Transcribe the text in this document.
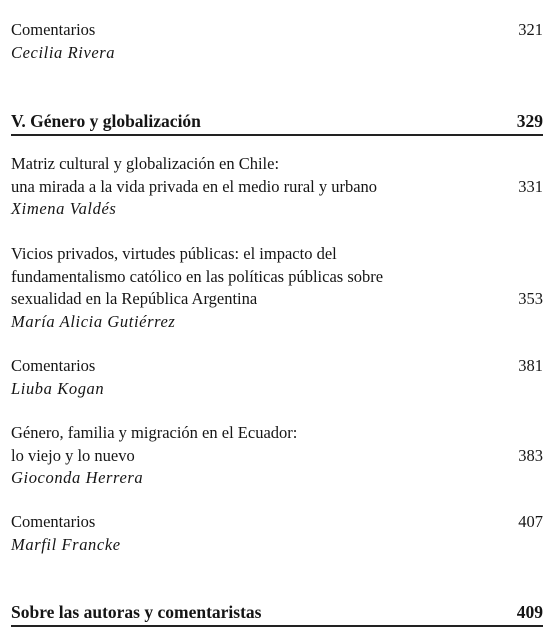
Comentarios	321
Cecilia Rivera
V. Género y globalización	329
Matriz cultural y globalización en Chile:
una mirada a la vida privada en el medio rural y urbano	331
Ximena Valdés
Vicios privados, virtudes públicas: el impacto del
fundamentalismo católico en las políticas públicas sobre
sexualidad en la República Argentina	353
María Alicia Gutiérrez
Comentarios	381
Liuba Kogan
Género, familia y migración en el Ecuador:
lo viejo y lo nuevo	383
Gioconda Herrera
Comentarios	407
Marfil Francke
Sobre las autoras y comentaristas	409
